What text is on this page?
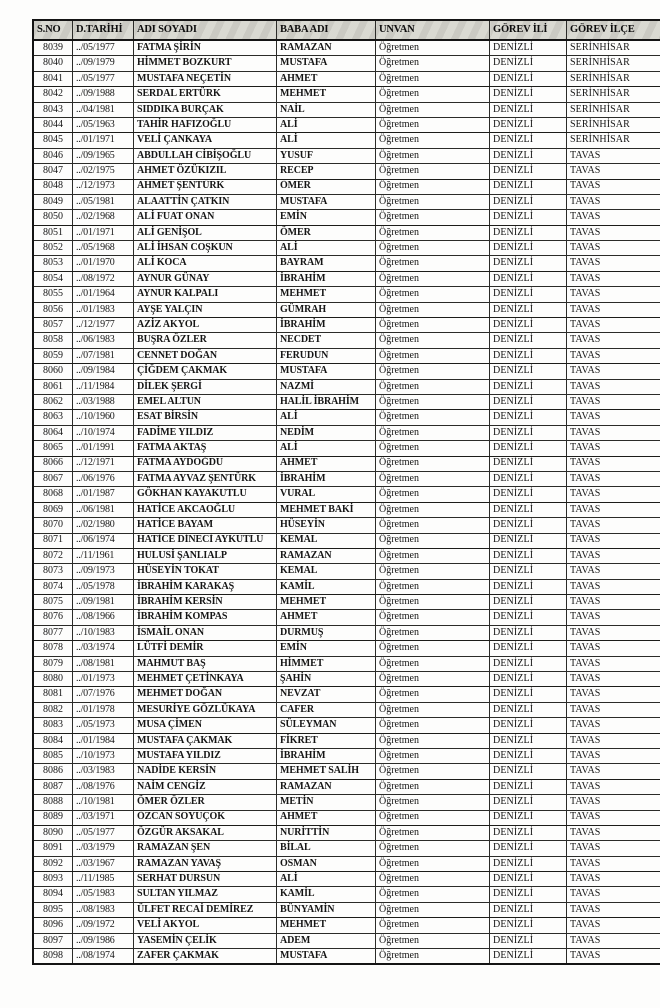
S.NO	D.TARİHİ	ADI SOYADI	BABA ADI	UNVAN	GÖREV İLİ	GÖREV İLÇE
8039	../05/1977	FATMA ŞİRİN	RAMAZAN	Öğretmen	DENİZLİ	SERİNHİSAR
8040	../09/1979	HİMMET BOZKURT	MUSTAFA	Öğretmen	DENİZLİ	SERİNHİSAR
8041	../05/1977	MUSTAFA NEÇETİN	AHMET	Öğretmen	DENİZLİ	SERİNHİSAR
8042	../09/1988	SERDAL ERTÜRK	MEHMET	Öğretmen	DENİZLİ	SERİNHİSAR
8043	../04/1981	SIDDIKA BURÇAK	NAİL	Öğretmen	DENİZLİ	SERİNHİSAR
8044	../05/1963	TAHİR HAFIZOĞLU	ALİ	Öğretmen	DENİZLİ	SERİNHİSAR
8045	../01/1971	VELİ ÇANKAYA	ALİ	Öğretmen	DENİZLİ	SERİNHİSAR
8046	../09/1965	ABDULLAH CİBİŞOĞLU	YUSUF	Öğretmen	DENİZLİ	TAVAS
8047	../02/1975	AHMET ÖZÜKIZIL	RECEP	Öğretmen	DENİZLİ	TAVAS
8048	../12/1973	AHMET ŞENTÜRK	ÖMER	Öğretmen	DENİZLİ	TAVAS
8049	../05/1981	ALAATTİN ÇATKIN	MUSTAFA	Öğretmen	DENİZLİ	TAVAS
8050	../02/1968	ALİ FUAT ONAN	EMİN	Öğretmen	DENİZLİ	TAVAS
8051	../01/1971	ALİ GENİŞOL	ÖMER	Öğretmen	DENİZLİ	TAVAS
8052	../05/1968	ALİ İHSAN COŞKUN	ALİ	Öğretmen	DENİZLİ	TAVAS
8053	../01/1970	ALİ KOCA	BAYRAM	Öğretmen	DENİZLİ	TAVAS
8054	../08/1972	AYNUR GÜNAY	İBRAHİM	Öğretmen	DENİZLİ	TAVAS
8055	../01/1964	AYNUR KALPALI	MEHMET	Öğretmen	DENİZLİ	TAVAS
8056	../01/1983	AYŞE YALÇIN	GÜMRAH	Öğretmen	DENİZLİ	TAVAS
8057	../12/1977	AZİZ AKYOL	İBRAHİM	Öğretmen	DENİZLİ	TAVAS
8058	../06/1983	BUŞRA ÖZLER	NECDET	Öğretmen	DENİZLİ	TAVAS
8059	../07/1981	CENNET DOĞAN	FERUDUN	Öğretmen	DENİZLİ	TAVAS
8060	../09/1984	ÇİĞDEM ÇAKMAK	MUSTAFA	Öğretmen	DENİZLİ	TAVAS
8061	../11/1984	DİLEK ŞERGİ	NAZMİ	Öğretmen	DENİZLİ	TAVAS
8062	../03/1988	EMEL ALTUN	HALİL İBRAHİM	Öğretmen	DENİZLİ	TAVAS
8063	../10/1960	ESAT BİRSİN	ALİ	Öğretmen	DENİZLİ	TAVAS
8064	../10/1974	FADİME YILDIZ	NEDİM	Öğretmen	DENİZLİ	TAVAS
8065	../01/1991	FATMA AKTAŞ	ALİ	Öğretmen	DENİZLİ	TAVAS
8066	../12/1971	FATMA AYDOĞDU	AHMET	Öğretmen	DENİZLİ	TAVAS
8067	../06/1976	FATMA AYVAZ ŞENTÜRK	İBRAHİM	Öğretmen	DENİZLİ	TAVAS
8068	../01/1987	GÖKHAN KAYAKUTLU	VURAL	Öğretmen	DENİZLİ	TAVAS
8069	../06/1981	HATİCE AKCAOĞLU	MEHMET BAKİ	Öğretmen	DENİZLİ	TAVAS
8070	../02/1980	HATİCE BAYAM	HÜSEYİN	Öğretmen	DENİZLİ	TAVAS
8071	../06/1974	HATİCE DİNECİ AYKUTLU	KEMAL	Öğretmen	DENİZLİ	TAVAS
8072	../11/1961	HULUSİ ŞANLIALP	RAMAZAN	Öğretmen	DENİZLİ	TAVAS
8073	../09/1973	HÜSEYİN TOKAT	KEMAL	Öğretmen	DENİZLİ	TAVAS
8074	../05/1978	İBRAHİM KARAKAŞ	KAMİL	Öğretmen	DENİZLİ	TAVAS
8075	../09/1981	İBRAHİM KERSİN	MEHMET	Öğretmen	DENİZLİ	TAVAS
8076	../08/1966	İBRAHİM KOMPAS	AHMET	Öğretmen	DENİZLİ	TAVAS
8077	../10/1983	İSMAİL ONAN	DURMUŞ	Öğretmen	DENİZLİ	TAVAS
8078	../03/1974	LÜTFİ DEMİR	EMİN	Öğretmen	DENİZLİ	TAVAS
8079	../08/1981	MAHMUT BAŞ	HİMMET	Öğretmen	DENİZLİ	TAVAS
8080	../01/1973	MEHMET ÇETİNKAYA	ŞAHİN	Öğretmen	DENİZLİ	TAVAS
8081	../07/1976	MEHMET DOĞAN	NEVZAT	Öğretmen	DENİZLİ	TAVAS
8082	../01/1978	MESURİYE GÖZLÜKAYA	CAFER	Öğretmen	DENİZLİ	TAVAS
8083	../05/1973	MUSA ÇİMEN	SÜLEYMAN	Öğretmen	DENİZLİ	TAVAS
8084	../01/1984	MUSTAFA ÇAKMAK	FİKRET	Öğretmen	DENİZLİ	TAVAS
8085	../10/1973	MUSTAFA YILDIZ	İBRAHİM	Öğretmen	DENİZLİ	TAVAS
8086	../03/1983	NADİDE KERSİN	MEHMET SALİH	Öğretmen	DENİZLİ	TAVAS
8087	../08/1976	NAİM CENGİZ	RAMAZAN	Öğretmen	DENİZLİ	TAVAS
8088	../10/1981	ÖMER ÖZLER	METİN	Öğretmen	DENİZLİ	TAVAS
8089	../03/1971	ÖZCAN SOYUÇOK	AHMET	Öğretmen	DENİZLİ	TAVAS
8090	../05/1977	ÖZGÜR AKSAKAL	NURİTTİN	Öğretmen	DENİZLİ	TAVAS
8091	../03/1979	RAMAZAN ŞEN	BİLAL	Öğretmen	DENİZLİ	TAVAS
8092	../03/1967	RAMAZAN YAVAŞ	OSMAN	Öğretmen	DENİZLİ	TAVAS
8093	../11/1985	SERHAT DURSUN	ALİ	Öğretmen	DENİZLİ	TAVAS
8094	../05/1983	SULTAN YILMAZ	KAMİL	Öğretmen	DENİZLİ	TAVAS
8095	../08/1983	ÜLFET RECAİ DEMİREZ	BÜNYAMİN	Öğretmen	DENİZLİ	TAVAS
8096	../09/1972	VELİ AKYOL	MEHMET	Öğretmen	DENİZLİ	TAVAS
8097	../09/1986	YASEMİN ÇELİK	ADEM	Öğretmen	DENİZLİ	TAVAS
8098	../08/1974	ZAFER ÇAKMAK	MUSTAFA	Öğretmen	DENİZLİ	TAVAS
